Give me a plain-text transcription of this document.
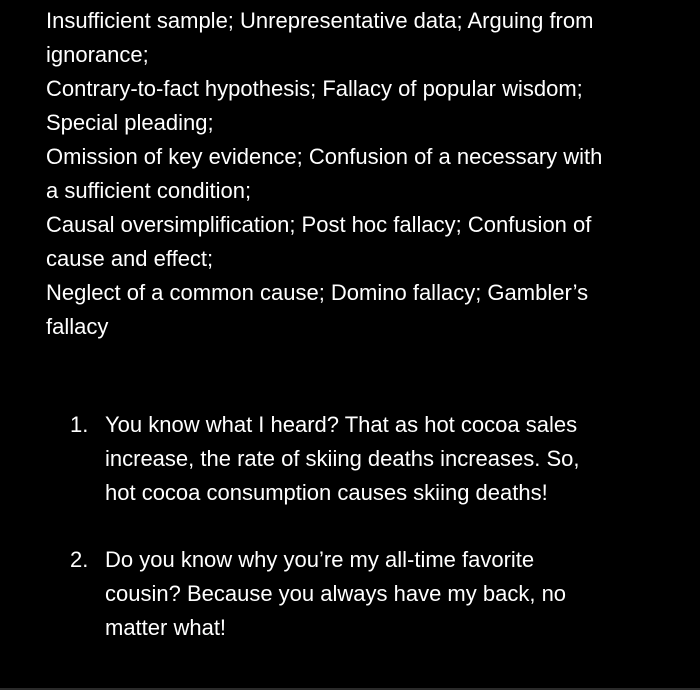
Insufficient sample; Unrepresentative data; Arguing from
ignorance;
Contrary-to-fact hypothesis; Fallacy of popular wisdom;
Special pleading;
Omission of key evidence; Confusion of a necessary with
a sufficient condition;
Causal oversimplification; Post hoc fallacy; Confusion of
cause and effect;
Neglect of a common cause; Domino fallacy; Gambler’s
fallacy
1. You know what I heard? That as hot cocoa sales
increase, the rate of skiing deaths increases. So,
hot cocoa consumption causes skiing deaths!
2. Do you know why you’re my all-time favorite
cousin? Because you always have my back, no
matter what!
